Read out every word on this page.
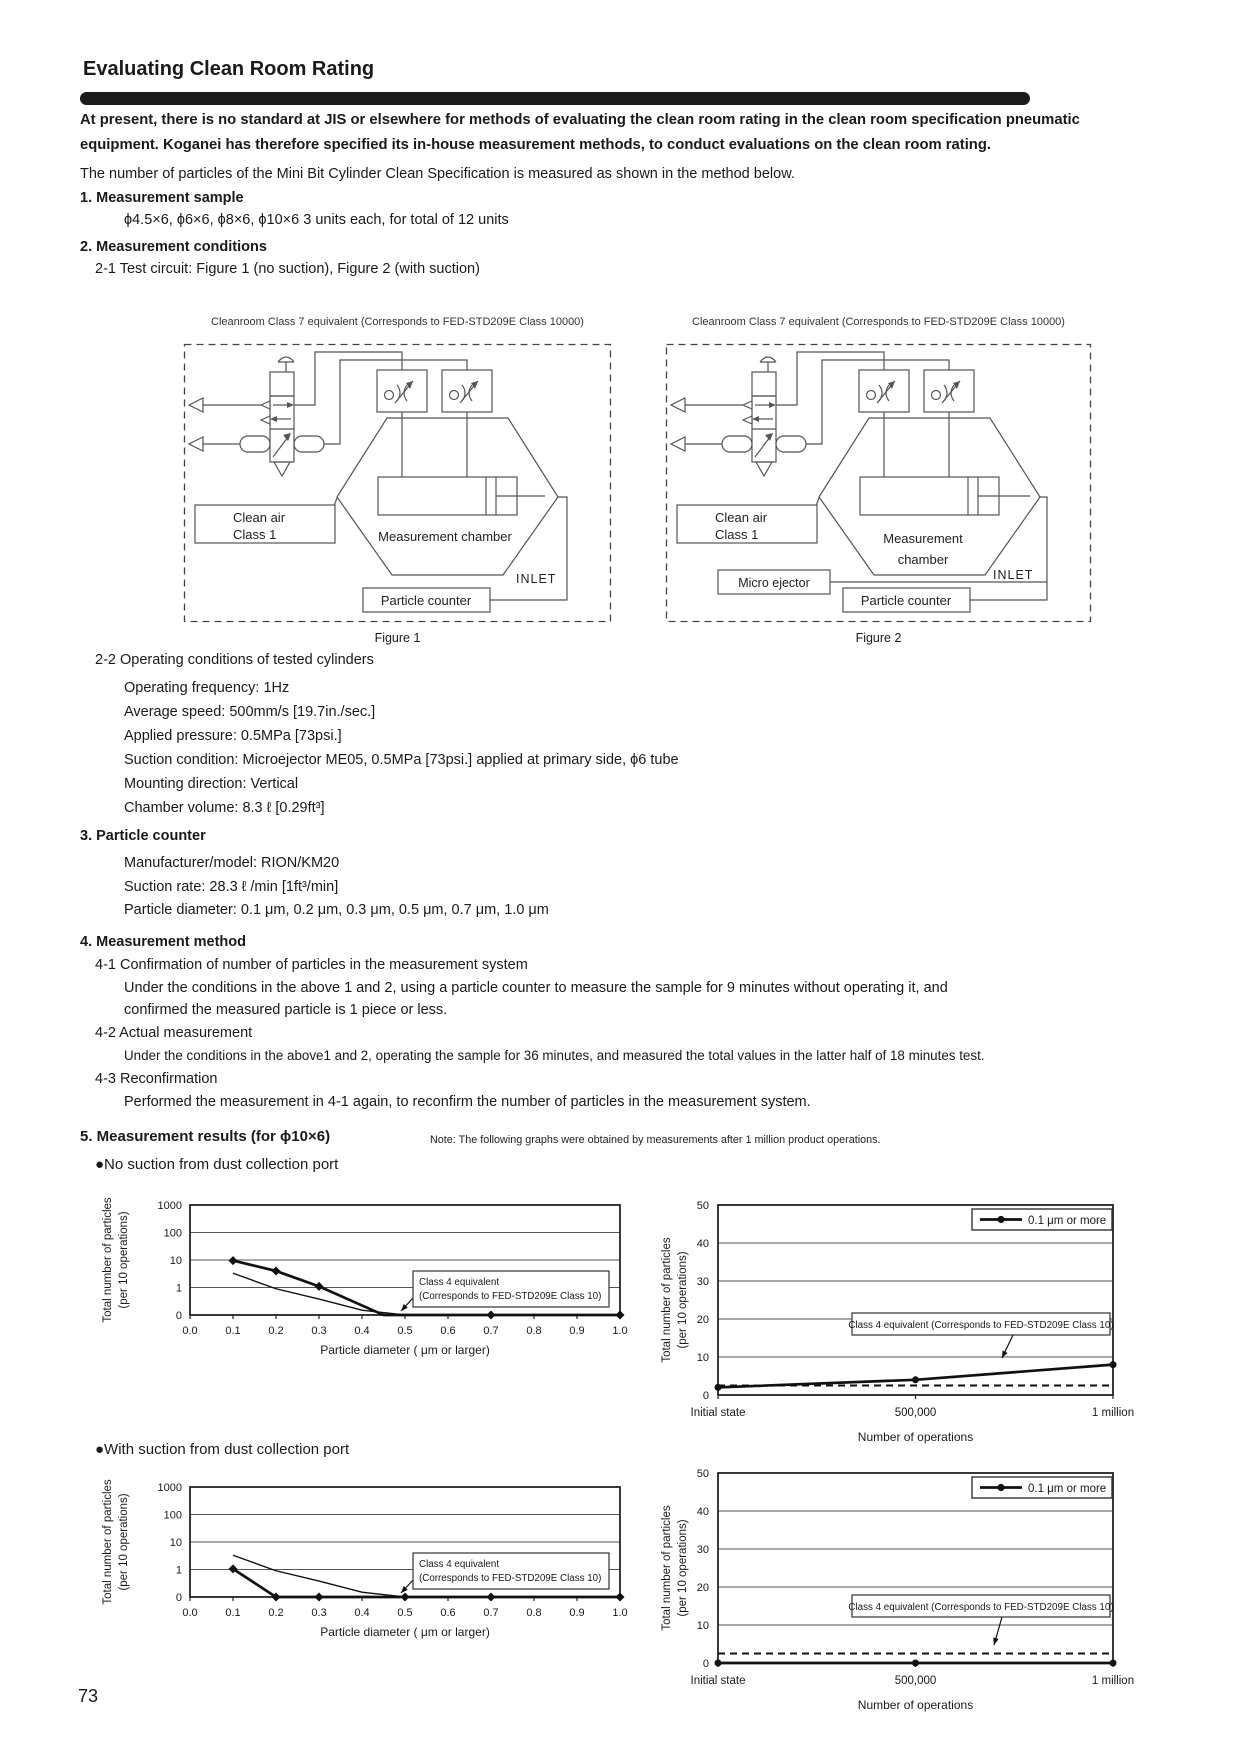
Evaluating Clean Room Rating
At present, there is no standard at JIS or elsewhere for methods of evaluating the clean room rating in the clean room specification pneumatic
equipment. Koganei has therefore specified its in-house measurement methods, to conduct evaluations on the clean room rating.
The number of particles of the Mini Bit Cylinder Clean Specification is measured as shown in the method below.
1. Measurement sample
ϕ4.5×6, ϕ6×6, ϕ8×6, ϕ10×6 3 units each, for total of 12 units
2. Measurement conditions
2-1 Test circuit: Figure 1 (no suction), Figure 2 (with suction)
Cleanroom Class 7 equivalent (Corresponds to FED-STD209E Class 10000)	Cleanroom Class 7 equivalent (Corresponds to FED-STD209E Class 10000)
Clean air
Class 1	Measurement chamber
INLET
Particle counter
Figure 1
Clean air
Class 1	Measurement
chamber
Micro ejector
INLET
Particle counter
Figure 2
2-2 Operating conditions of tested cylinders
Operating frequency: 1Hz
Average speed: 500mm/s [19.7in./sec.]
Applied pressure: 0.5MPa [73psi.]
Suction condition: Microejector ME05, 0.5MPa [73psi.] applied at primary side, ϕ6 tube
Mounting direction: Vertical
Chamber volume: 8.3 ℓ [0.29ft³]
3. Particle counter
Manufacturer/model: RION/KM20
Suction rate: 28.3 ℓ /min [1ft³/min]
Particle diameter: 0.1 μm, 0.2 μm, 0.3 μm, 0.5 μm, 0.7 μm, 1.0 μm
4. Measurement method
4-1 Confirmation of number of particles in the measurement system
Under the conditions in the above 1 and 2, using a particle counter to measure the sample for 9 minutes without operating it, and
confirmed the measured particle is 1 piece or less.
4-2 Actual measurement
Under the conditions in the above1 and 2, operating the sample for 36 minutes, and measured the total values in the latter half of 18 minutes test.
4-3 Reconfirmation
Performed the measurement in 4-1 again, to reconfirm the number of particles in the measurement system.
5. Measurement results (for ϕ10×6)	Note: The following graphs were obtained by measurements after 1 million product operations.
●No suction from dust collection port
Total number of particles (per 10 operations)
1000
100
10
1
0
0.0	0.1	0.2	0.3	0.4	0.5	0.6	0.7	0.8	0.9	1.0
Particle diameter ( μm or larger)
Class 4 equivalent
(Corresponds to FED-STD209E Class 10)	Total number of particles (per 10 operations)
50
40
30
20
10
0
Initial state	500,000	1 million
Number of operations
0.1 μm or more
Class 4 equivalent (Corresponds to FED-STD209E Class 10)
●With suction from dust collection port
Total number of particles (per 10 operations)
1000
100
10
1
0
0.0	0.1	0.2	0.3	0.4	0.5	0.6	0.7	0.8	0.9	1.0
Particle diameter ( μm or larger)
Class 4 equivalent
(Corresponds to FED-STD209E Class 10)	Total number of particles (per 10 operations)
50
40
30
20
10
0
Initial state	500,000	1 million
Number of operations
0.1 μm or more
Class 4 equivalent (Corresponds to FED-STD209E Class 10)
73
